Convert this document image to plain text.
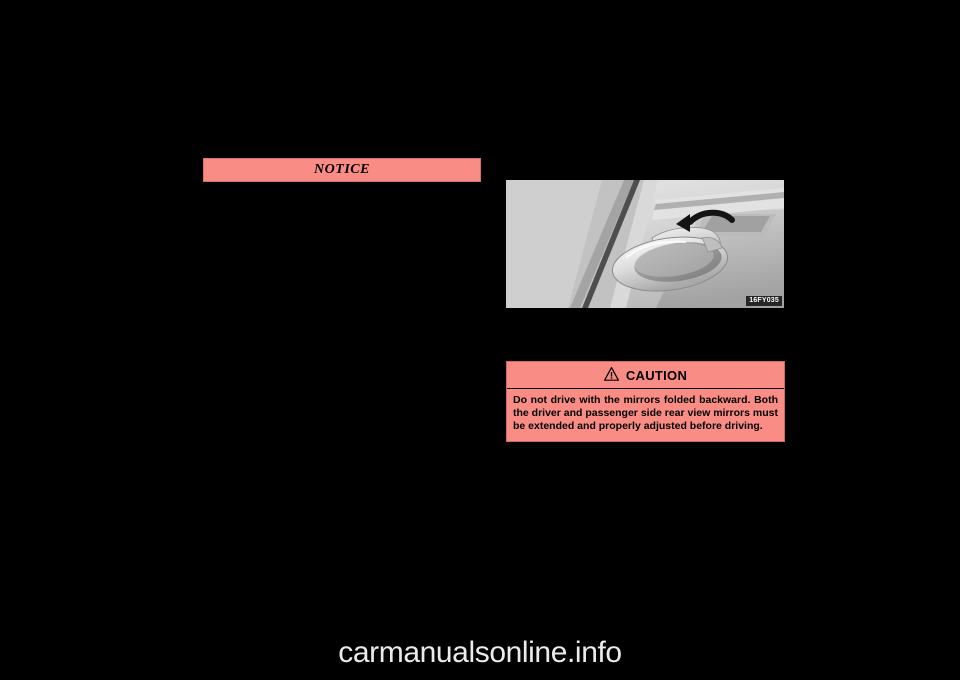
NOTICE
16FY035
CAUTION
Do not drive with the mirrors folded backward. Both the driver and passenger side rear view mirrors must be extended and properly adjusted before driving.
carmanualsonline.info
